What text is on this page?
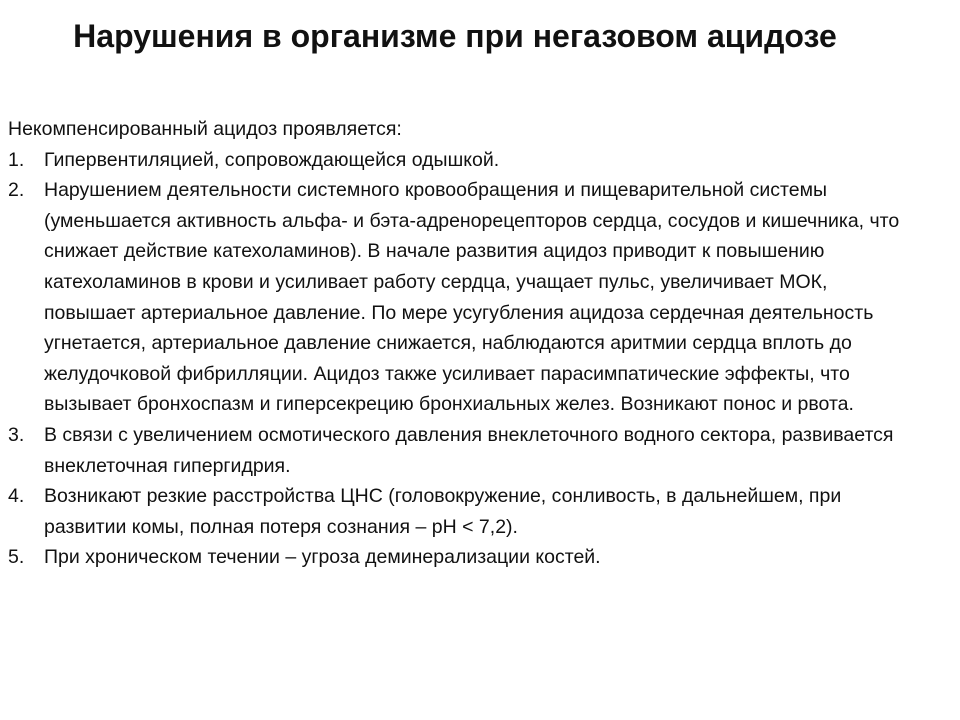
Нарушения в организме при негазовом ацидозе

Некомпенсированный ацидоз проявляется:

1.	Гипервентиляцией, сопровождающейся одышкой.
2.	Нарушением деятельности системного кровообращения и пищеварительной системы (уменьшается активность альфа- и бэта-адренорецепторов сердца, сосудов и кишечника, что снижает действие катехоламинов). В начале развития ацидоз приводит к повышению катехоламинов в крови и усиливает работу сердца, учащает пульс, увеличивает МОК, повышает артериальное давление. По мере усугубления ацидоза сердечная деятельность угнетается, артериальное давление снижается, наблюдаются аритмии сердца вплоть до желудочковой фибрилляции. Ацидоз также усиливает парасимпатические эффекты, что вызывает бронхоспазм и гиперсекрецию бронхиальных желез. Возникают понос и рвота.
3.	В связи с увеличением осмотического давления внеклеточного водного сектора, развивается внеклеточная гипергидрия.
4.	Возникают резкие расстройства ЦНС (головокружение, сонливость, в дальнейшем, при развитии комы, полная потеря сознания – рН < 7,2).
5.	При хроническом течении – угроза деминерализации костей.
